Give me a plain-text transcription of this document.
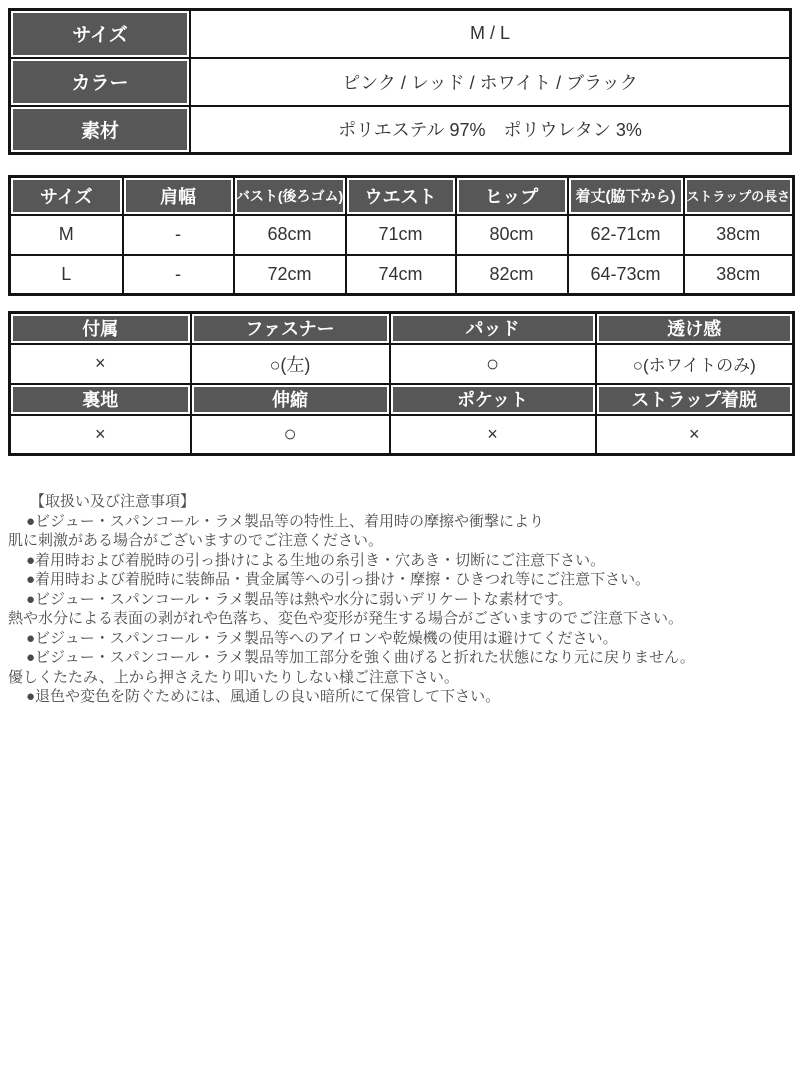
サイズ	M / L
カラー	ピンク / レッド / ホワイト / ブラック
素材	ポリエステル 97%　ポリウレタン 3%
サイズ	肩幅	バスト(後ろゴム)	ウエスト	ヒップ	着丈(脇下から)	ストラップの長さ
M	-	68cm	71cm	80cm	62-71cm	38cm
L	-	72cm	74cm	82cm	64-73cm	38cm
付属	ファスナー	パッド	透け感
×	○(左)	○	○(ホワイトのみ)
裏地	伸縮	ポケット	ストラップ着脱
×	○	×	×
【取扱い及び注意事項】
●ビジュー・スパンコール・ラメ製品等の特性上、着用時の摩擦や衝撃により
肌に刺激がある場合がございますのでご注意ください。
●着用時および着脱時の引っ掛けによる生地の糸引き・穴あき・切断にご注意下さい。
●着用時および着脱時に装飾品・貴金属等への引っ掛け・摩擦・ひきつれ等にご注意下さい。
●ビジュー・スパンコール・ラメ製品等は熱や水分に弱いデリケートな素材です。
熱や水分による表面の剥がれや色落ち、変色や変形が発生する場合がございますのでご注意下さい。
●ビジュー・スパンコール・ラメ製品等へのアイロンや乾燥機の使用は避けてください。
●ビジュー・スパンコール・ラメ製品等加工部分を強く曲げると折れた状態になり元に戻りません。
優しくたたみ、上から押さえたり叩いたりしない様ご注意下さい。
●退色や変色を防ぐためには、風通しの良い暗所にて保管して下さい。
